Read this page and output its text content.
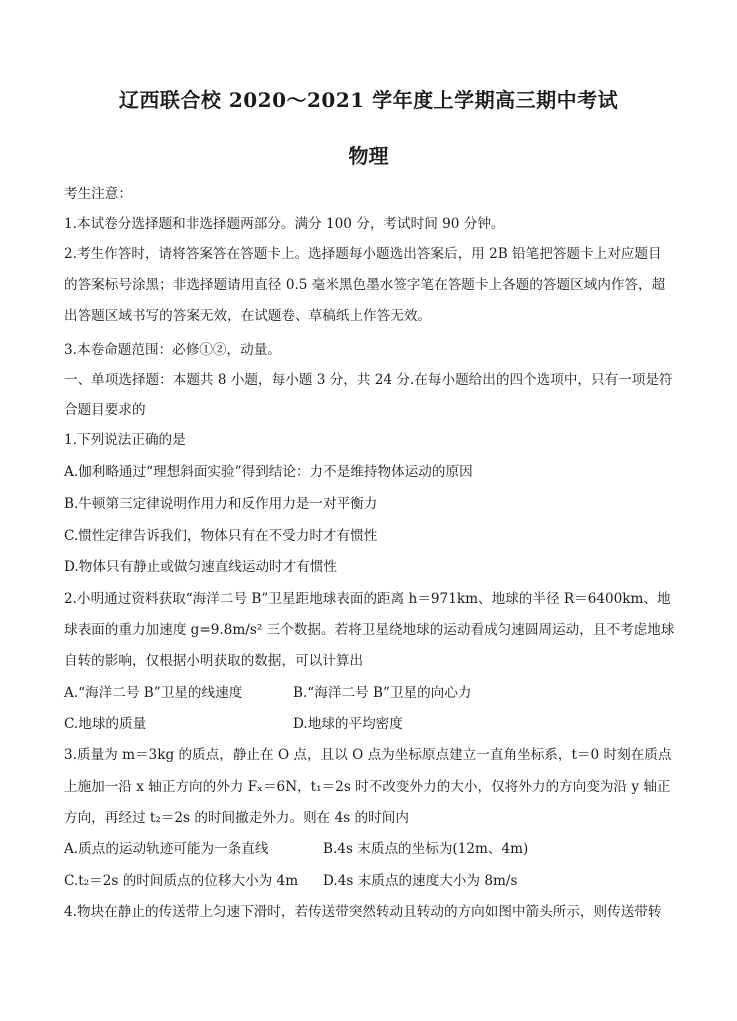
辽西联合校 2020～2021 学年度上学期高三期中考试
物理
考生注意：
1.本试卷分选择题和非选择题两部分。满分 100 分，考试时间 90 分钟。
2.考生作答时，请将答案答在答题卡上。选择题每小题选出答案后，用 2B 铅笔把答题卡上对应题目
的答案标号涂黑；非选择题请用直径 0.5 毫米黑色墨水签字笔在答题卡上各题的答题区域内作答，超
出答题区域书写的答案无效，在试题卷、草稿纸上作答无效。
3.本卷命题范围：必修①②，动量。
一、单项选择题：本题共 8 小题，每小题 3 分，共 24 分.在每小题给出的四个选项中，只有一项是符
合题目要求的
1.下列说法正确的是
A.伽利略通过“理想斜面实验”得到结论：力不是维持物体运动的原因
B.牛顿第三定律说明作用力和反作用力是一对平衡力
C.惯性定律告诉我们，物体只有在不受力时才有惯性
D.物体只有静止或做匀速直线运动时才有惯性
2.小明通过资料获取“海洋二号 B”卫星距地球表面的距离 h＝971km、地球的半径 R＝6400km、地
球表面的重力加速度 g=9.8m/s² 三个数据。若将卫星绕地球的运动看成匀速圆周运动，且不考虑地球
自转的影响，仅根据小明获取的数据，可以计算出
A.“海洋二号 B”卫星的线速度	B.“海洋二号 B”卫星的向心力
C.地球的质量	D.地球的平均密度
3.质量为 m＝3kg 的质点，静止在 O 点，且以 O 点为坐标原点建立一直角坐标系，t＝0 时刻在质点
上施加一沿 x 轴正方向的外力 Fₓ＝6N，t₁＝2s 时不改变外力的大小，仅将外力的方向变为沿 y 轴正
方向，再经过 t₂＝2s 的时间撤走外力。则在 4s 的时间内
A.质点的运动轨迹可能为一条直线	B.4s 末质点的坐标为(12m、4m)
C.t₂＝2s 的时间质点的位移大小为 4m D.4s 末质点的速度大小为 8m/s
4.物块在静止的传送带上匀速下滑时，若传送带突然转动且转动的方向如图中箭头所示，则传送带转
